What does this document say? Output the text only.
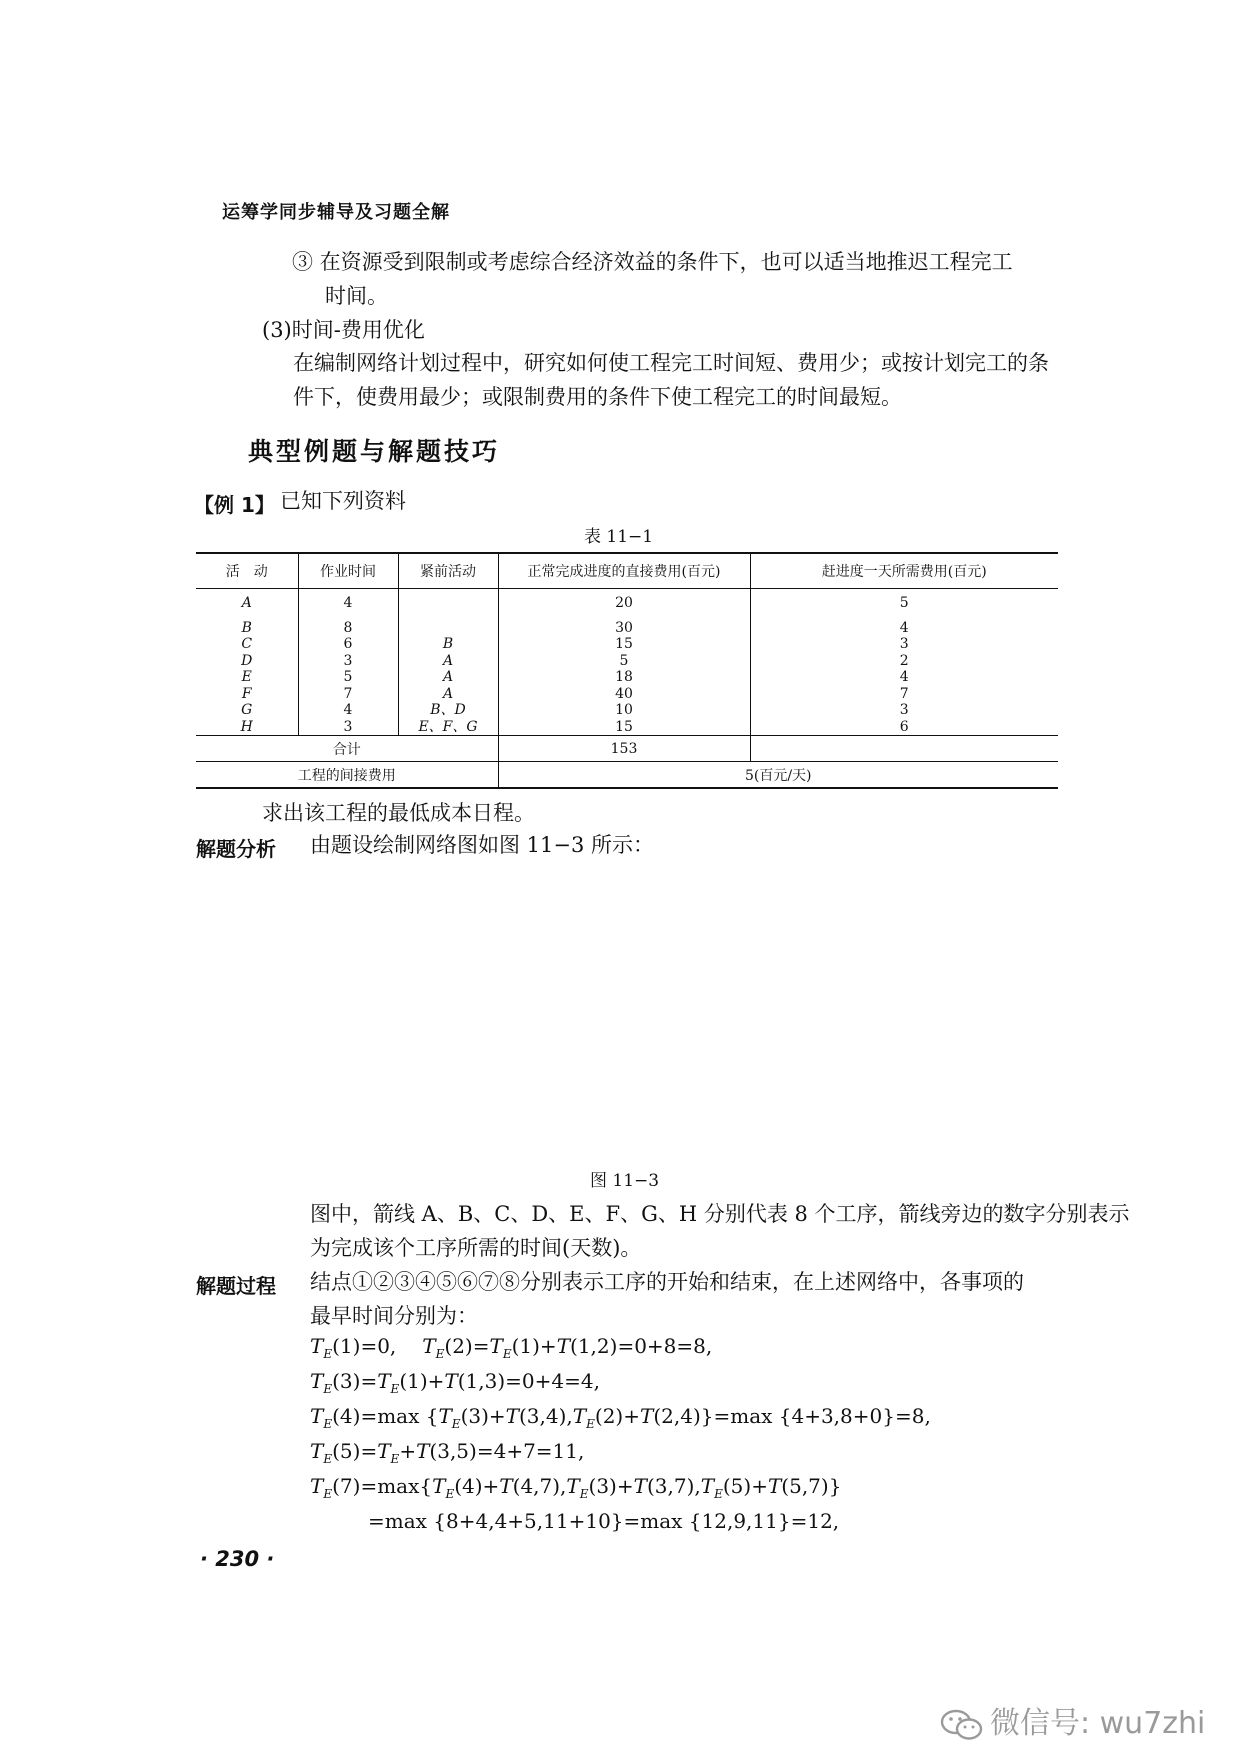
运筹学同步辅导及习题全解
③ 在资源受到限制或考虑综合经济效益的条件下，也可以适当地推迟工程完工
时间。
(3)时间-费用优化
在编制网络计划过程中，研究如何使工程完工时间短、费用少；或按计划完工的条
件下，使费用最少；或限制费用的条件下使工程完工的时间最短。
典型例题与解题技巧
【例 1】 已知下列资料
表 11−1
活　动	作业时间	紧前活动	正常完成进度的直接费用(百元)	赶进度一天所需费用(百元)
A	4		20	5
B	8		30	4
C	6	B	15	3
D	3	A	5	2
E	5	A	18	4
F	7	A	40	7
G	4	B、D	10	3
H	3	E、F、G	15	6
合计			153	
工程的间接费用			5(百元/天)	
求出该工程的最低成本日程。
解题分析 由题设绘制网络图如图 11−3 所示：
图 11−3
图中，箭线 A、B、C、D、E、F、G、H 分别代表 8 个工序，箭线旁边的数字分别表示
为完成该个工序所需的时间(天数)。
解题过程 结点①②③④⑤⑥⑦⑧分别表示工序的开始和结束，在上述网络中，各事项的
最早时间分别为：
$T_E(1)=0$, $T_E(2)=T_E(1)+T(1,2)=0+8=8$,
$T_E(3)=T_E(1)+T(1,3)=0+4=4$,
$T_E(4)=\max$ $\{T_E(3)+T(3,4),T_E(2)+T(2,4)\}=\max$ {4+3,8+0}=8,
$T_E(5)=T_E+T(3,5)=4+7=11$,
$T_E(7)=\max\{T_E(4)+T(4,7),T_E(3)+T(3,7),T_E(5)+T(5,7)\}$
=max {8+4,4+5,11+10}=max {12,9,11}=12,
· 230 ·
微信号: wu7zhi
